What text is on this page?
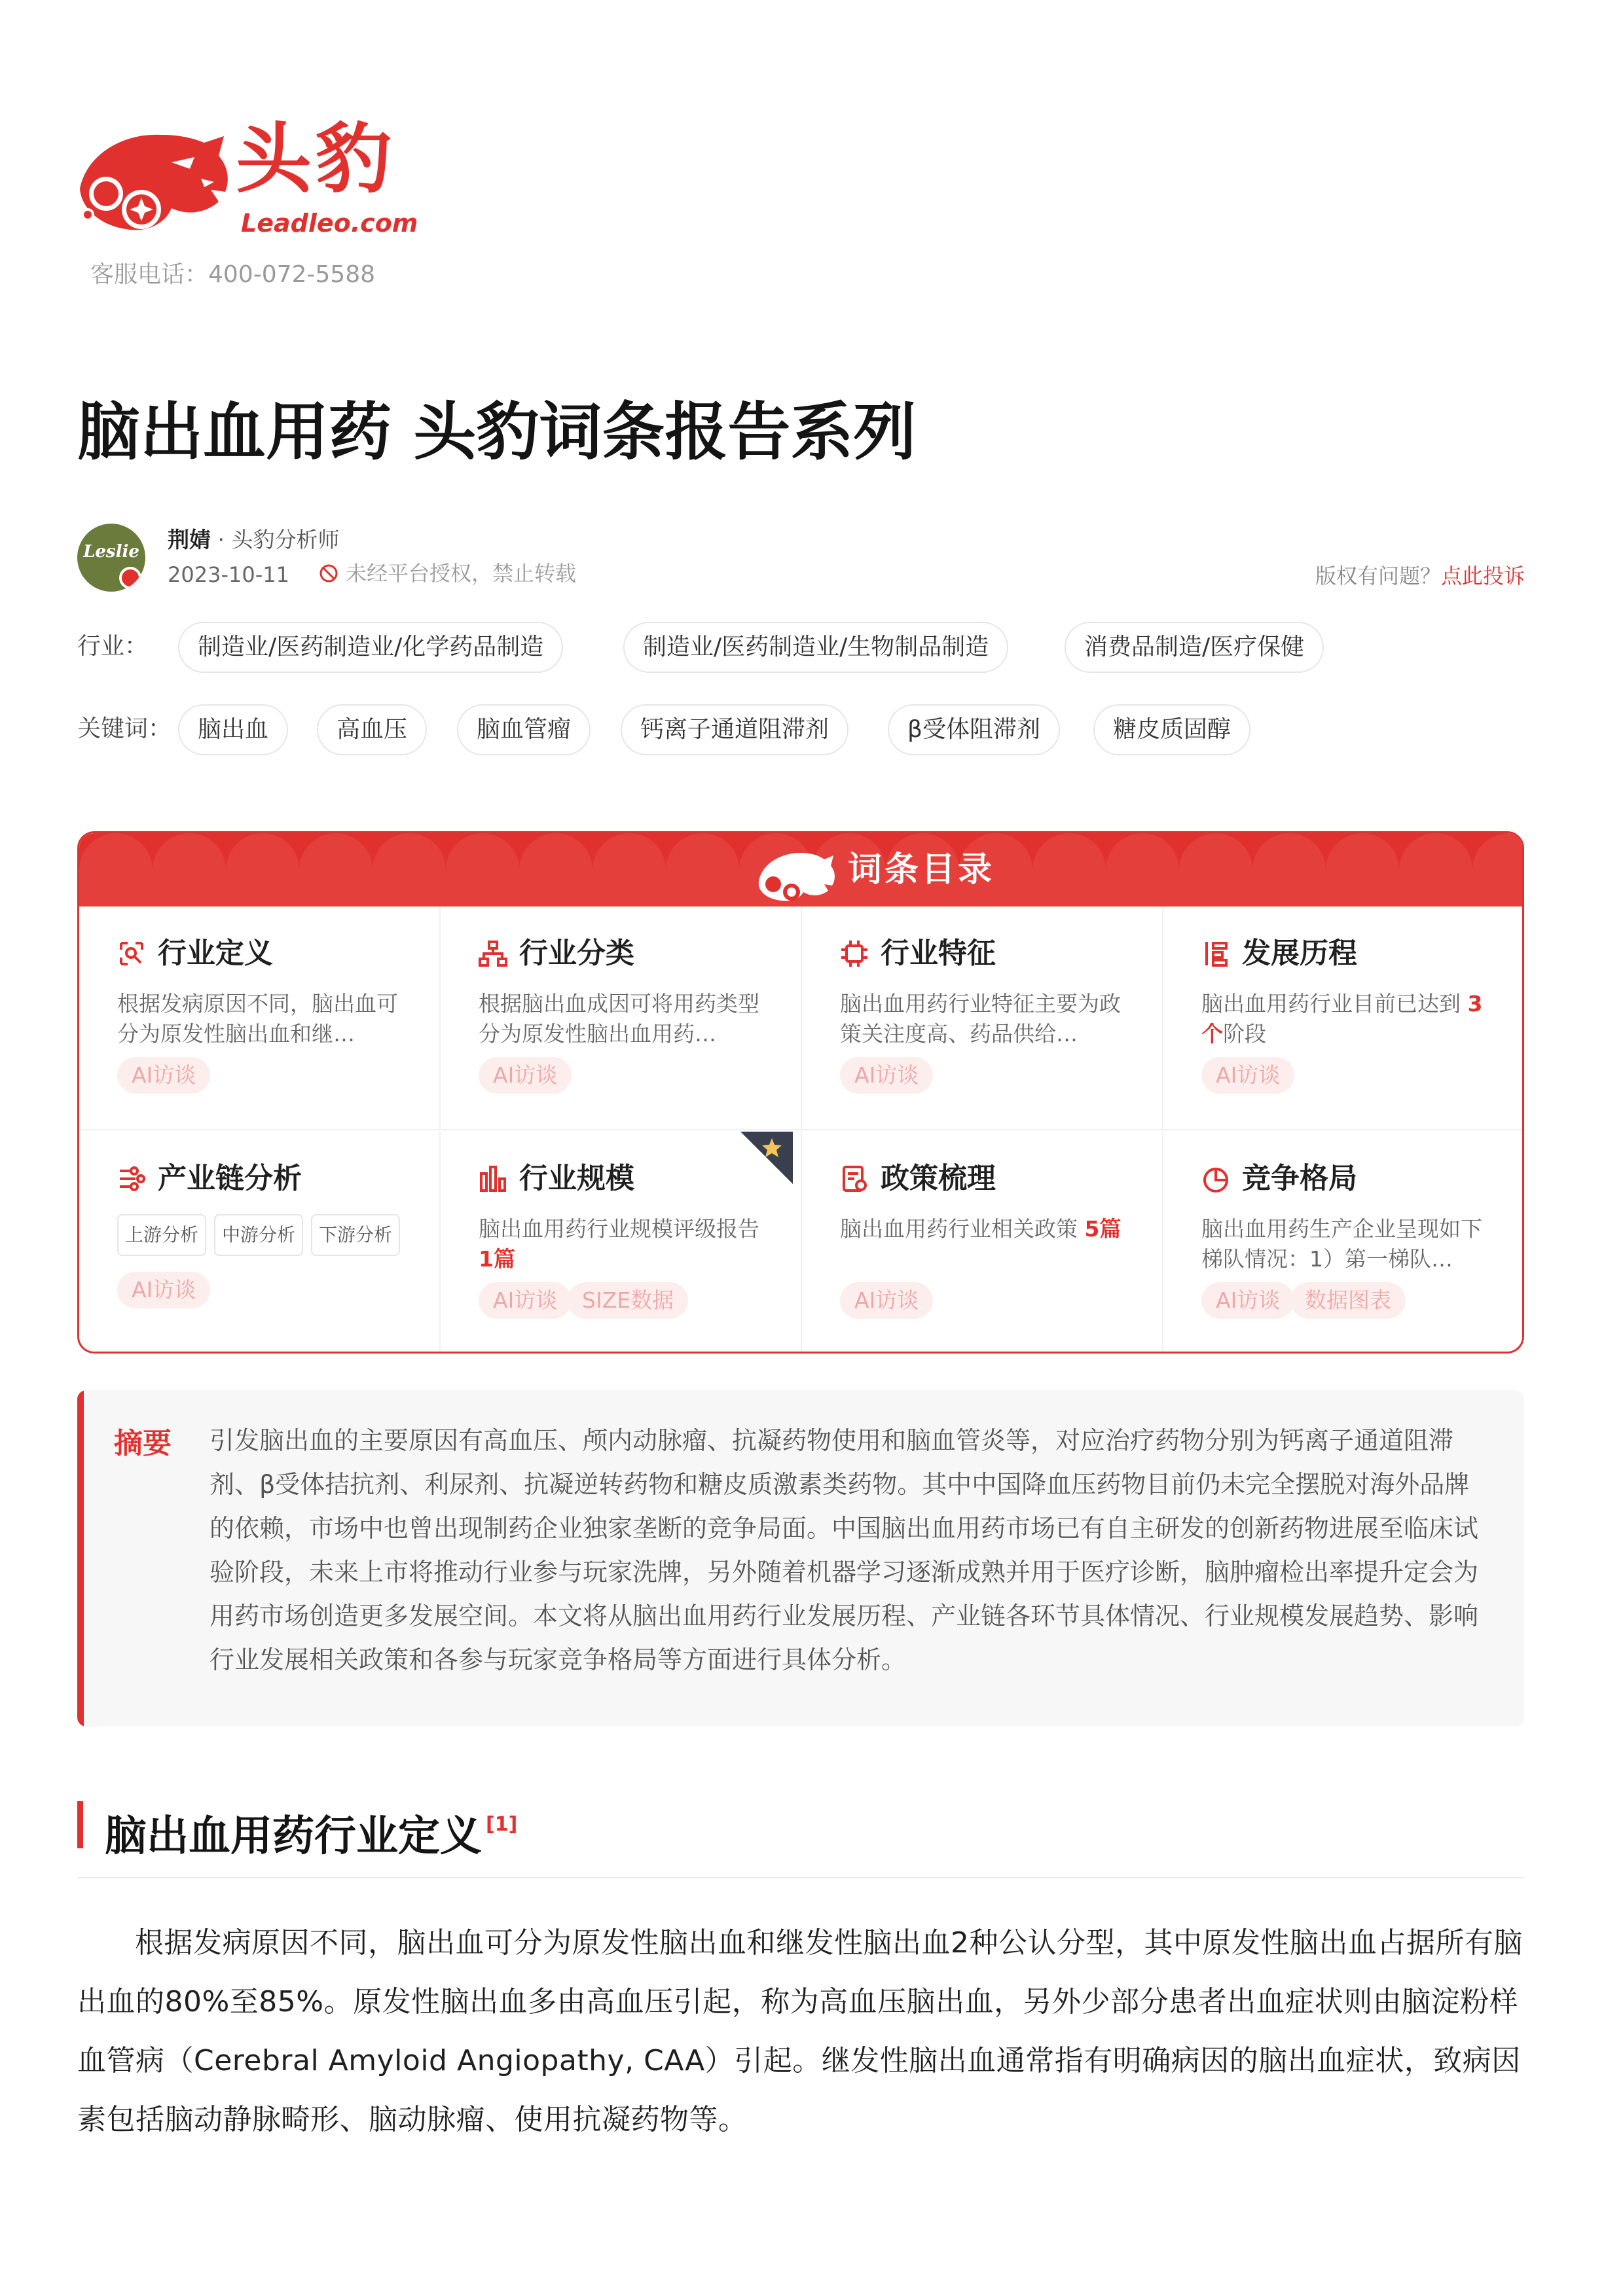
头豹
Leadleo.com
客服电话：400-072-5588
脑出血用药 头豹词条报告系列
Leslie 荆婧 · 头豹分析师
2023-10-11	未经平台授权，禁止转载	版权有问题？点此投诉
行业：	制造业/医药制造业/化学药品制造	制造业/医药制造业/生物制品制造	消费品制造/医疗保健
关键词：	脑出血	高血压	脑血管瘤	钙离子通道阻滞剂	β受体阻滞剂	糖皮质固醇
词条目录
行业定义
根据发病原因不同，脑出血可分为原发性脑出血和继…
AI访谈
行业分类
根据脑出血成因可将用药类型分为原发性脑出血用药…
AI访谈
行业特征
脑出血用药行业特征主要为政策关注度高、药品供给…
AI访谈
发展历程
脑出血用药行业目前已达到 3个阶段
AI访谈
产业链分析
上游分析	中游分析	下游分析
AI访谈
行业规模
脑出血用药行业规模评级报告 1篇
AI访谈	SIZE数据
政策梳理
脑出血用药行业相关政策 5篇
AI访谈
竞争格局
脑出血用药生产企业呈现如下梯队情况：1）第一梯队…
AI访谈	数据图表
摘要 引发脑出血的主要原因有高血压、颅内动脉瘤、抗凝药物使用和脑血管炎等，对应治疗药物分别为钙离子通道阻滞剂、β受体拮抗剂、利尿剂、抗凝逆转药物和糖皮质激素类药物。其中中国降血压药物目前仍未完全摆脱对海外品牌的依赖，市场中也曾出现制药企业独家垄断的竞争局面。中国脑出血用药市场已有自主研发的创新药物进展至临床试验阶段，未来上市将推动行业参与玩家洗牌，另外随着机器学习逐渐成熟并用于医疗诊断，脑肿瘤检出率提升定会为用药市场创造更多发展空间。本文将从脑出血用药行业发展历程、产业链各环节具体情况、行业规模发展趋势、影响行业发展相关政策和各参与玩家竞争格局等方面进行具体分析。
脑出血用药行业定义 [1]

根据发病原因不同，脑出血可分为原发性脑出血和继发性脑出血2种公认分型，其中原发性脑出血占据所有脑出血的80%至85%。原发性脑出血多由高血压引起，称为高血压脑出血，另外少部分患者出血症状则由脑淀粉样血管病（Cerebral Amyloid Angiopathy, CAA）引起。继发性脑出血通常指有明确病因的脑出血症状，致病因素包括脑动静脉畸形、脑动脉瘤、使用抗凝药物等。
